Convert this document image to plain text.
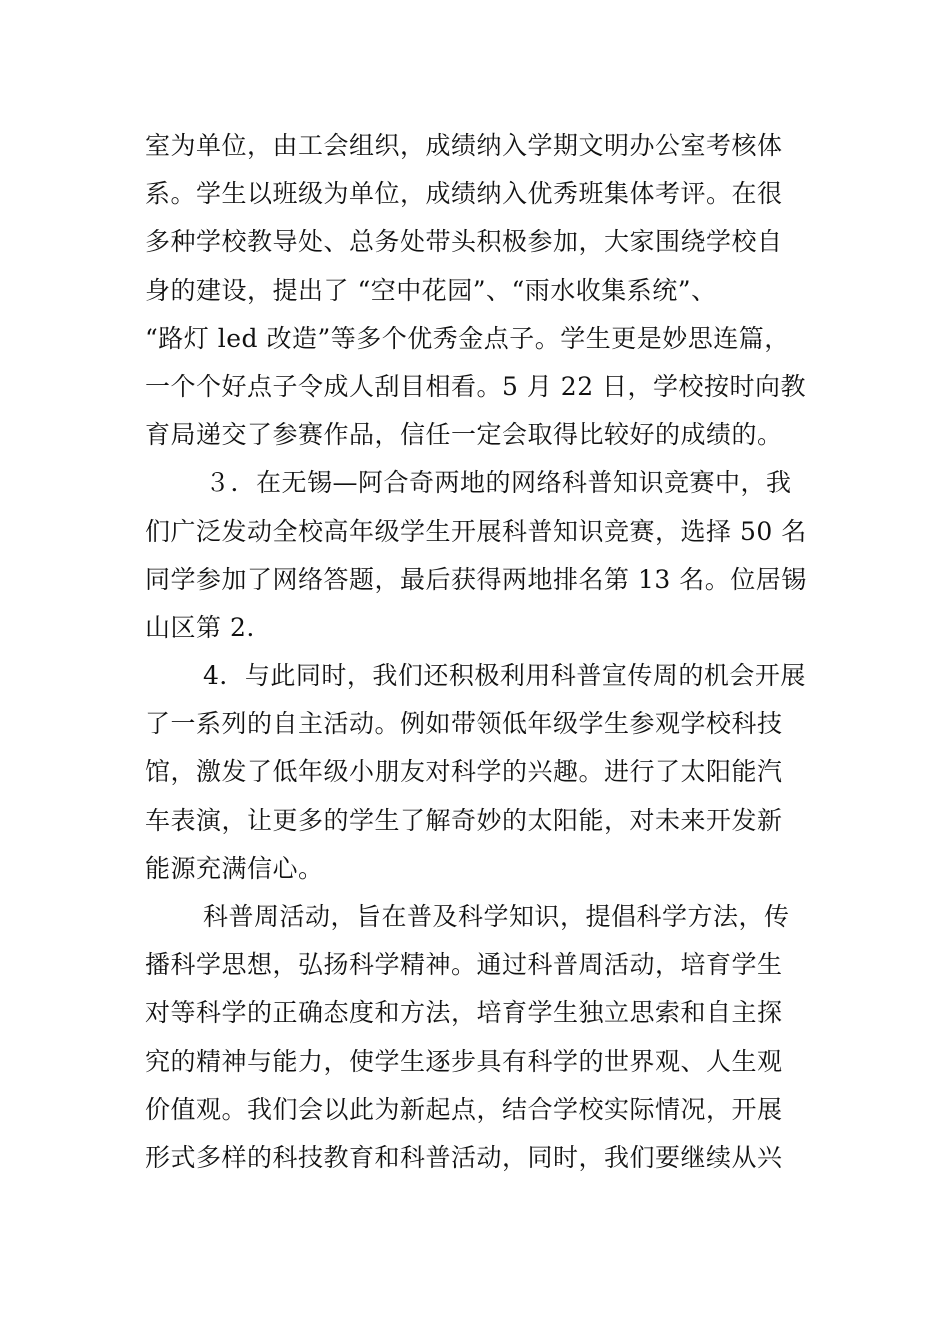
室为单位，由工会组织，成绩纳入学期文明办公室考核体
系。学生以班级为单位，成绩纳入优秀班集体考评。在很
多种学校教导处、总务处带头积极参加，大家围绕学校自
身的建设，提出了 “空中花园”、“雨水收集系统”、
“路灯 led 改造”等多个优秀金点子。学生更是妙思连篇，
一个个好点子令成人刮目相看。5 月 22 日，学校按时向教
育局递交了参赛作品，信任一定会取得比较好的成绩的。
３．在无锡—阿合奇两地的网络科普知识竞赛中，我
们广泛发动全校高年级学生开展科普知识竞赛，选择 50 名
同学参加了网络答题，最后获得两地排名第 13 名。位居锡
山区第 2.
4．与此同时，我们还积极利用科普宣传周的机会开展
了一系列的自主活动。例如带领低年级学生参观学校科技
馆，激发了低年级小朋友对科学的兴趣。进行了太阳能汽
车表演，让更多的学生了解奇妙的太阳能，对未来开发新
能源充满信心。
科普周活动，旨在普及科学知识，提倡科学方法，传
播科学思想，弘扬科学精神。通过科普周活动，培育学生
对等科学的正确态度和方法，培育学生独立思索和自主探
究的精神与能力，使学生逐步具有科学的世界观、人生观
价值观。我们会以此为新起点，结合学校实际情况，开展
形式多样的科技教育和科普活动，同时，我们要继续从兴
